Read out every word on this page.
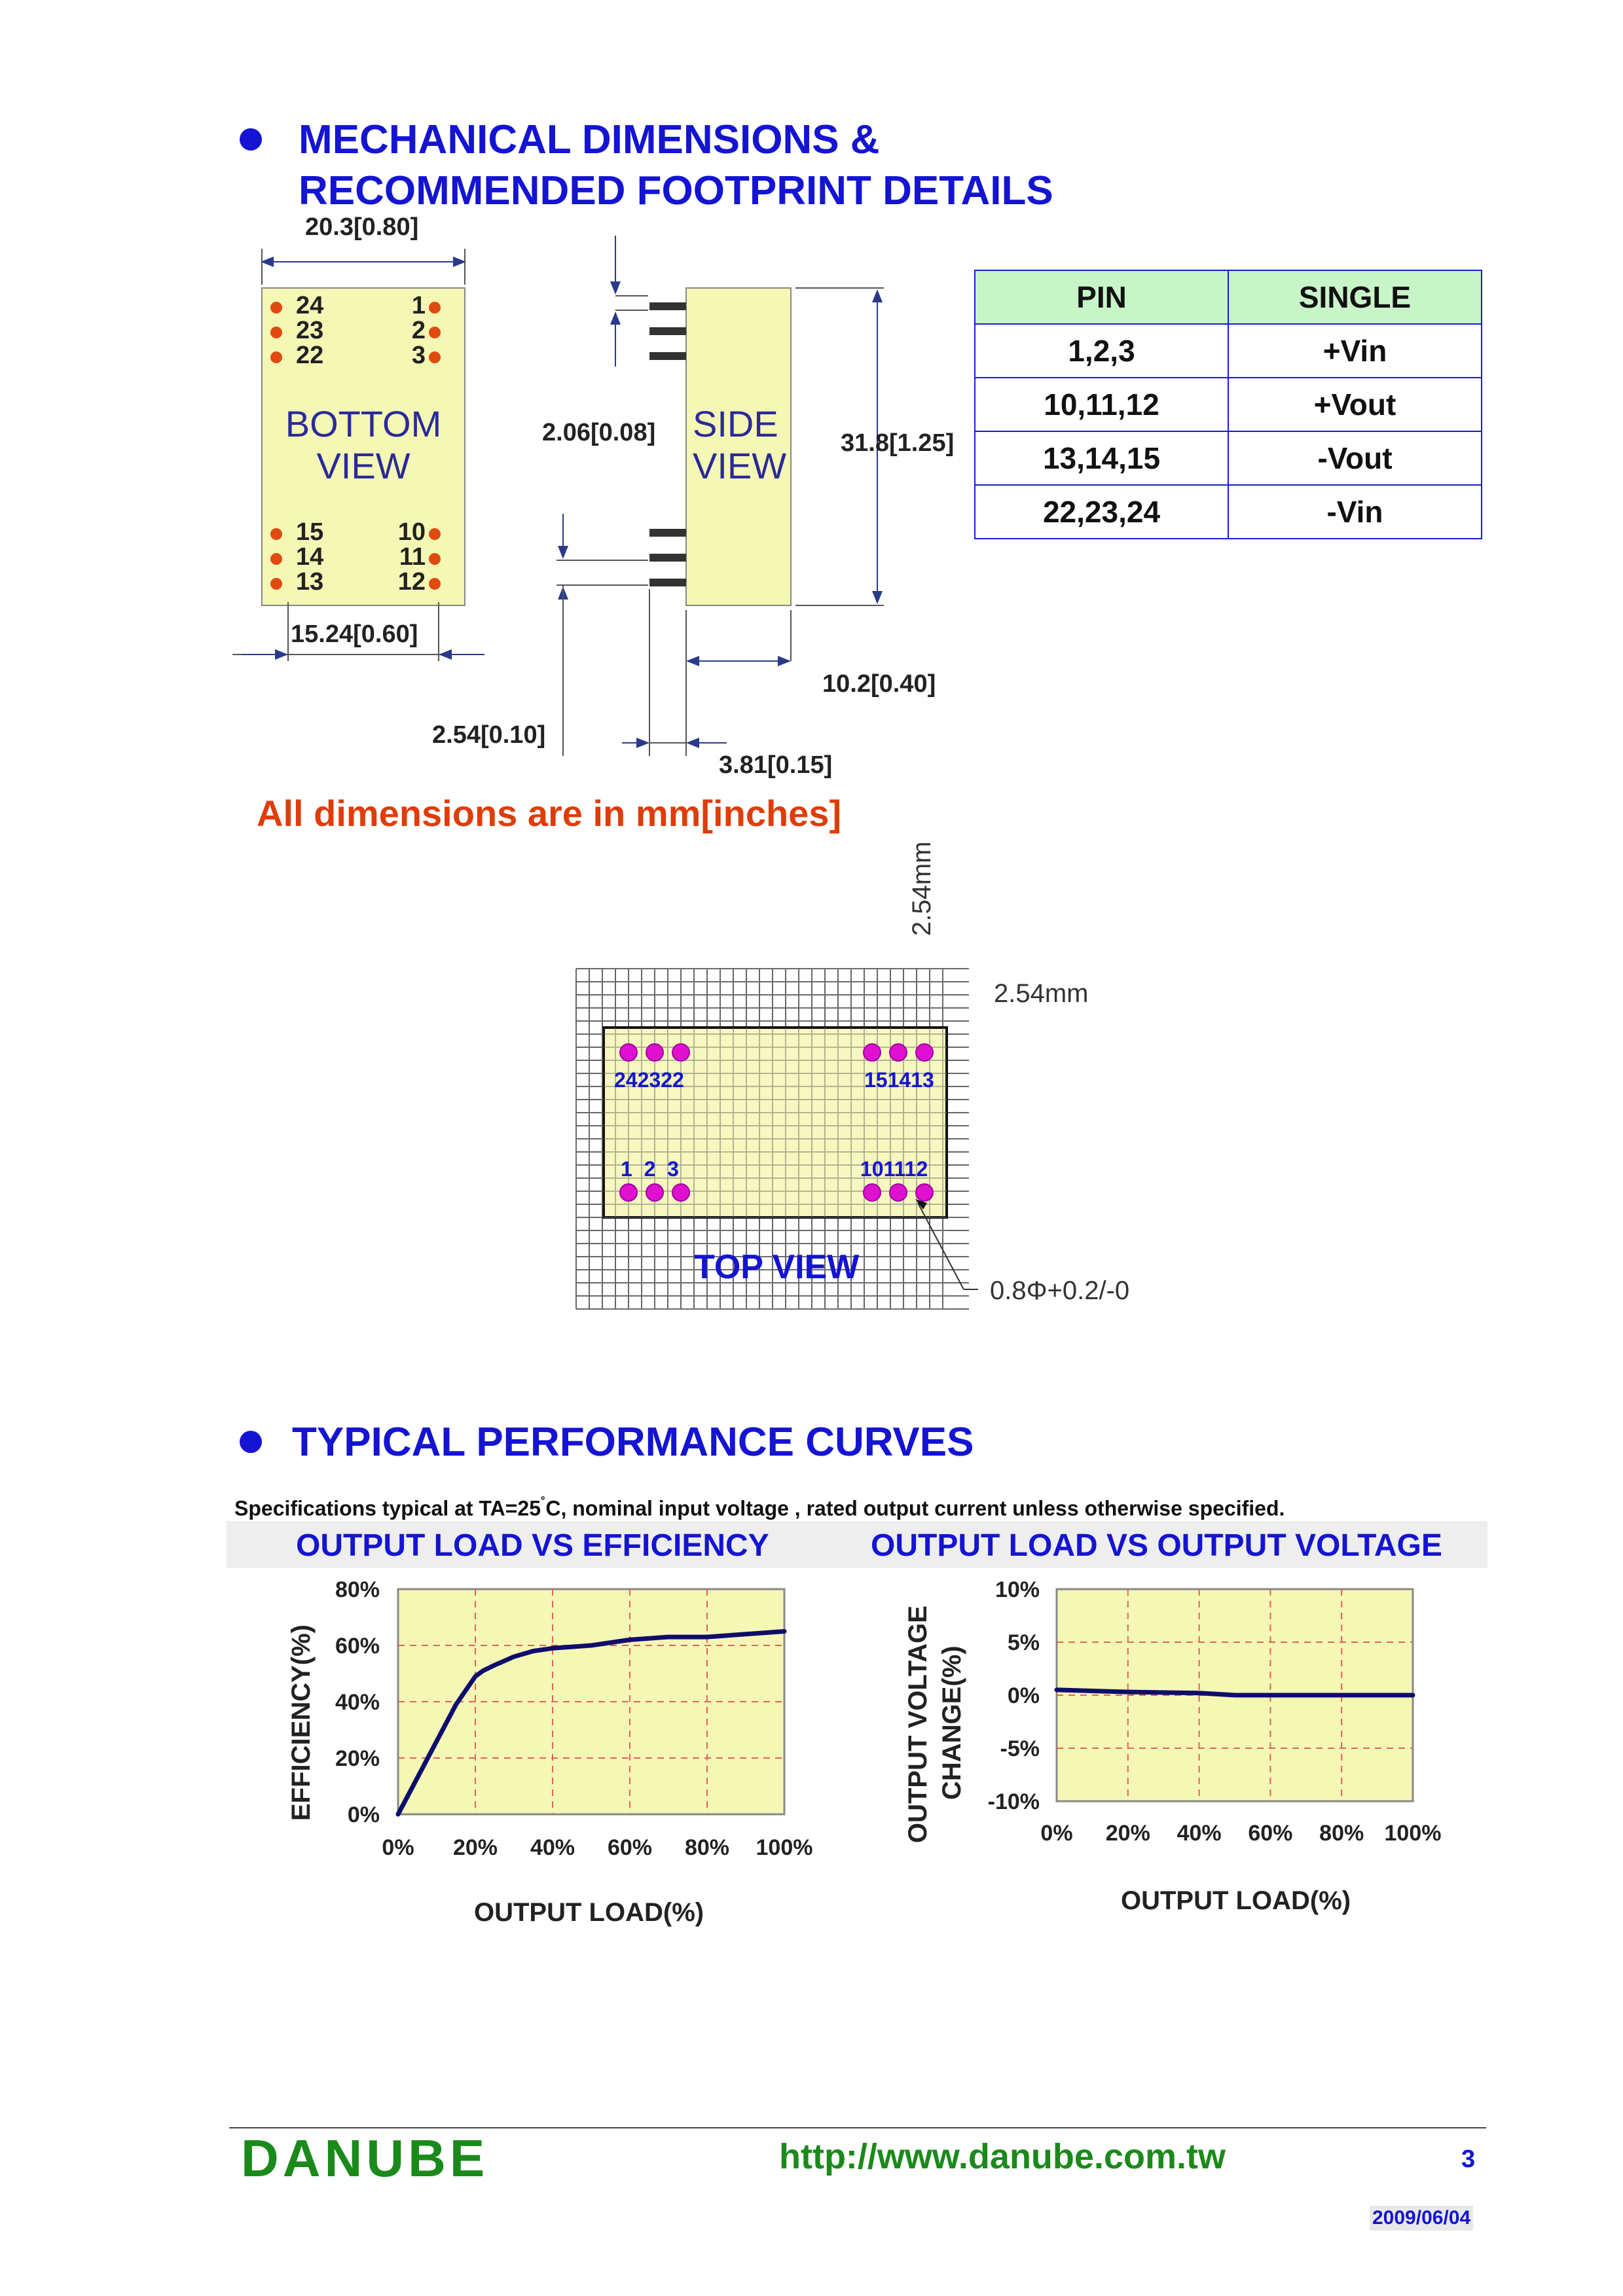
MECHANICAL DIMENSIONS &
RECOMMENDED FOOTPRINT DETAILS
20.3[0.80]
BOTTOM
VIEW
15.24[0.60]
24
23
22
1
2
3
15
14
13
10
11
12
SIDE
VIEW
2.06[0.08]	31.8[1.25]
10.2[0.40]
2.54[0.10]
3.81[0.15]
PIN	SINGLE
1,2,3	+Vin
10,11,12	+Vout
13,14,15	-Vout
22,23,24	-Vin
All dimensions are in mm[inches]
2.54mm
2.54mm
242322	151413
1  2  3	101112
TOP VIEW
0.8Φ+0.2/-0
TYPICAL PERFORMANCE CURVES
Specifications typical at TA=25˚C, nominal input voltage , rated output current unless otherwise specified.
OUTPUT LOAD VS EFFICIENCY	OUTPUT LOAD VS OUTPUT VOLTAGE
0% 20% 40% 60% 80% 100%
80%
60%
40%
20%
0%
EFFICIENCY(%)
OUTPUT LOAD(%)
0% 20% 40% 60% 80% 100%
10%
5%
0%
-5%
-10%
OUTPUT VOLTAGE CHANGE(%)
OUTPUT LOAD(%)
DANUBE	http://www.danube.com.tw	3
2009/06/04
